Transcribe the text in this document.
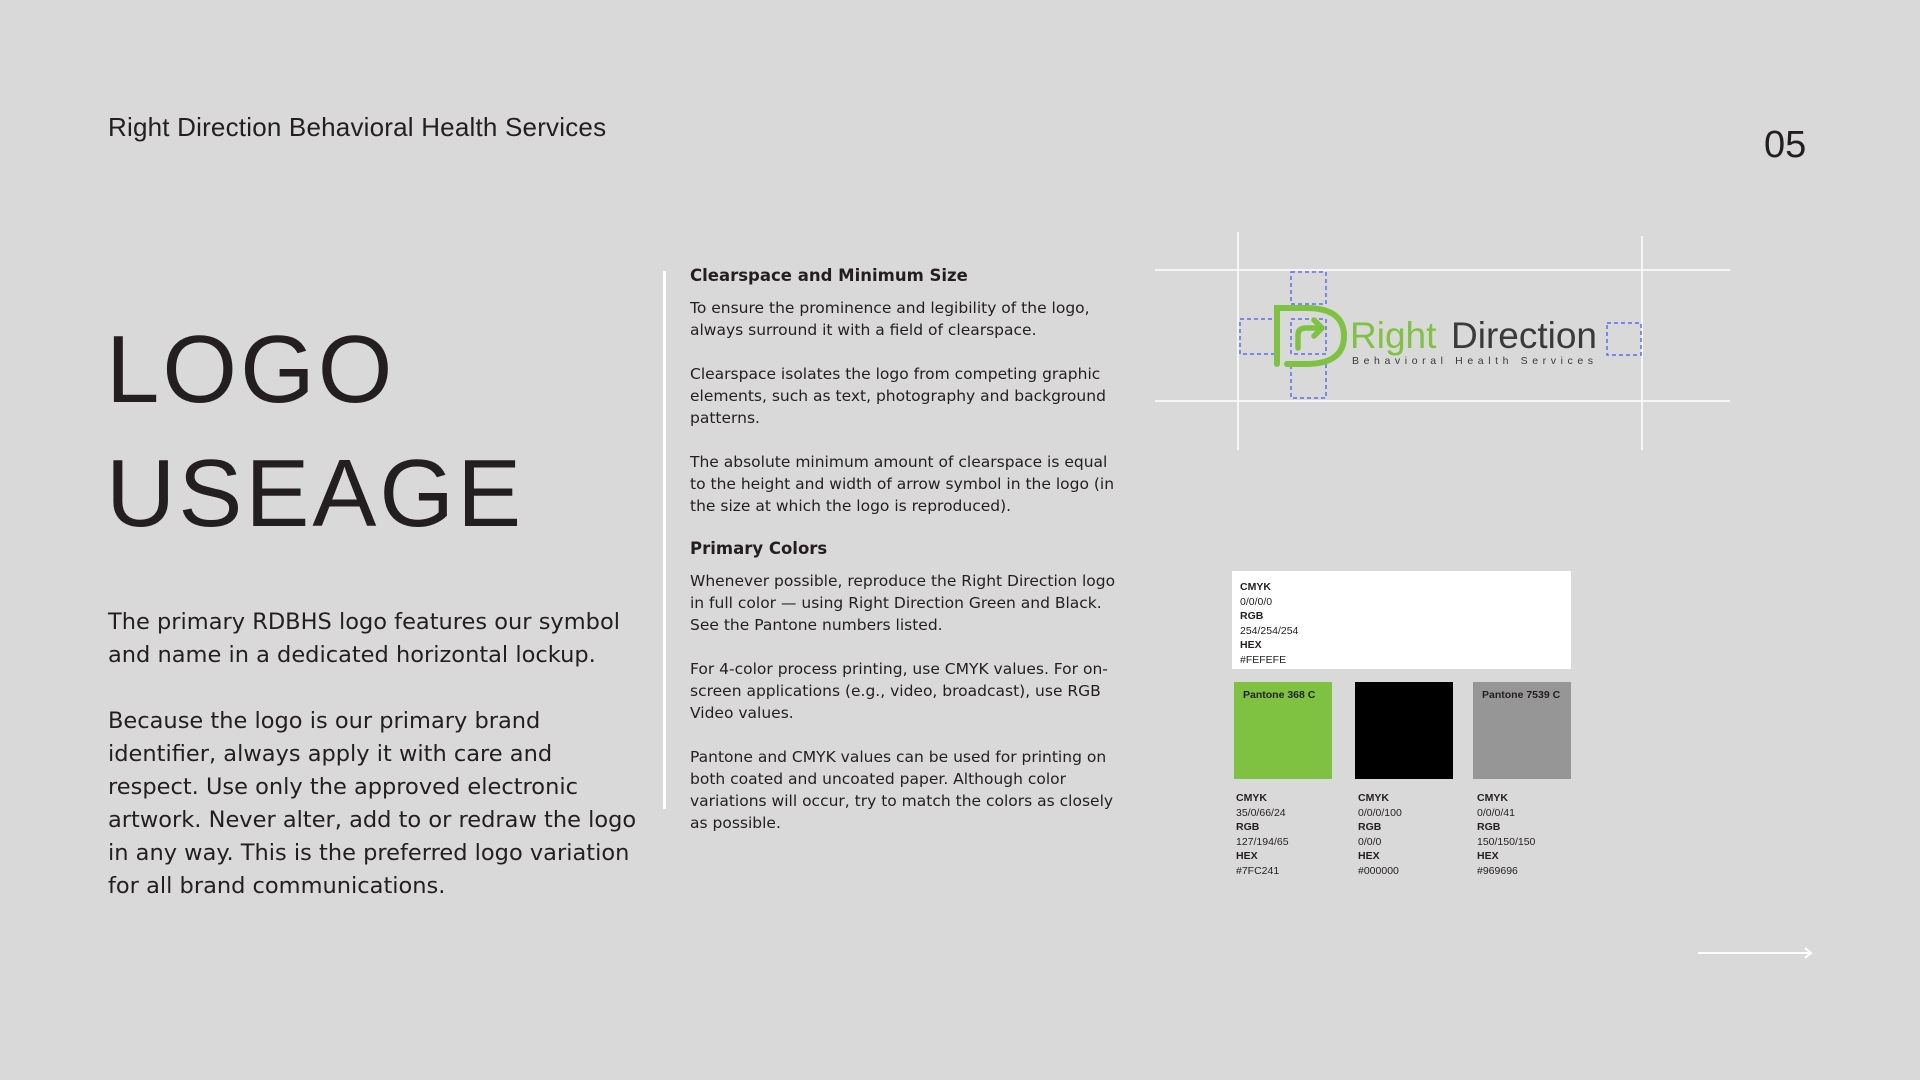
Right Direction Behavioral Health Services	05
LOGO
USEAGE

The primary RDBHS logo features our symbol and name in a dedicated horizontal lockup.

Because the logo is our primary brand identifier, always apply it with care and respect. Use only the approved electronic artwork. Never alter, add to or redraw the logo in any way. This is the preferred logo variation for all brand communications.

Clearspace and Minimum Size

To ensure the prominence and legibility of the logo, always surround it with a field of clearspace.

Clearspace isolates the logo from competing graphic elements, such as text, photography and background patterns.

The absolute minimum amount of clearspace is equal to the height and width of arrow symbol in the logo (in the size at which the logo is reproduced).

Primary Colors

Whenever possible, reproduce the Right Direction logo in full color — using Right Direction Green and Black. See the Pantone numbers listed.

For 4-color process printing, use CMYK values. For on-screen applications (e.g., video, broadcast), use RGB Video values.

Pantone and CMYK values can be used for printing on both coated and uncoated paper. Although color variations will occur, try to match the colors as closely as possible.

Right Direction
Behavioral Health Services
CMYK
0/0/0/0
RGB
254/254/254
HEX
#FEFEFE
Pantone 368 C
CMYK
35/0/66/24
RGB
127/194/65
HEX
#7FC241
CMYK
0/0/0/100
RGB
0/0/0
HEX
#000000
Pantone 7539 C
CMYK
0/0/0/41
RGB
150/150/150
HEX
#969696
